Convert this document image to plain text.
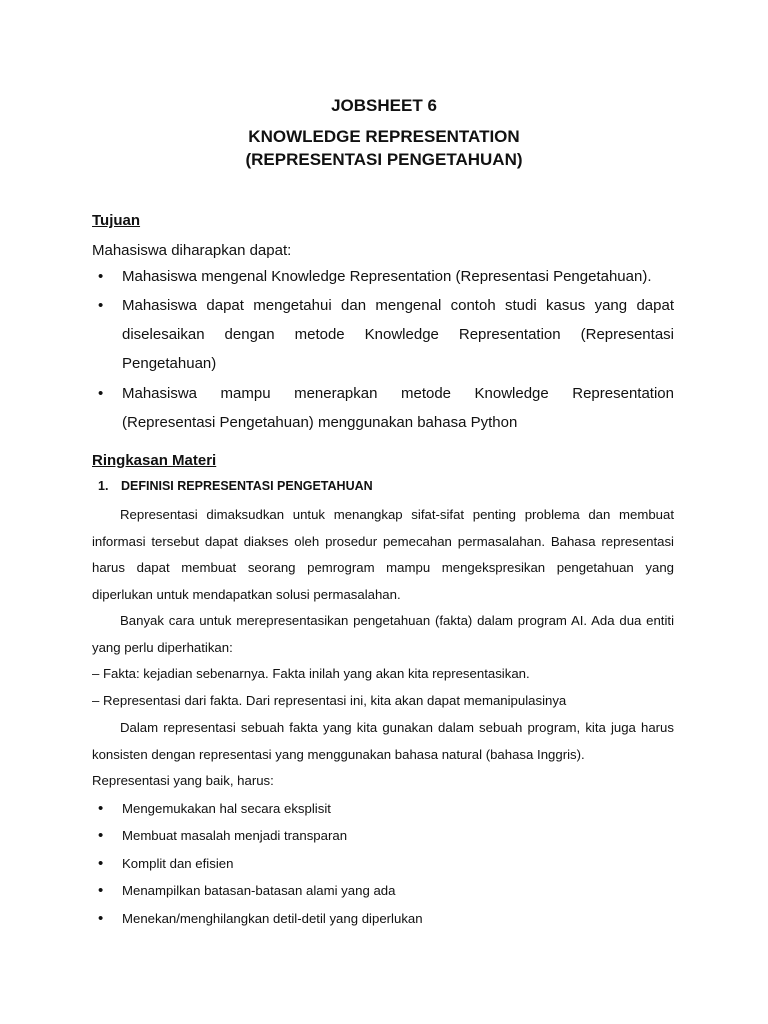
JOBSHEET 6
KNOWLEDGE REPRESENTATION
(REPRESENTASI PENGETAHUAN)
Tujuan
Mahasiswa diharapkan dapat:
• Mahasiswa mengenal Knowledge Representation (Representasi Pengetahuan).
• Mahasiswa dapat mengetahui dan mengenal contoh studi kasus yang dapat diselesaikan dengan metode Knowledge Representation (Representasi Pengetahuan)
• Mahasiswa mampu menerapkan metode Knowledge Representation (Representasi Pengetahuan) menggunakan bahasa Python
Ringkasan Materi
1. DEFINISI REPRESENTASI PENGETAHUAN
Representasi dimaksudkan untuk menangkap sifat-sifat penting problema dan membuat informasi tersebut dapat diakses oleh prosedur pemecahan permasalahan. Bahasa representasi harus dapat membuat seorang pemrogram mampu mengekspresikan pengetahuan yang diperlukan untuk mendapatkan solusi permasalahan.
Banyak cara untuk merepresentasikan pengetahuan (fakta) dalam program AI. Ada dua entiti yang perlu diperhatikan:
– Fakta: kejadian sebenarnya. Fakta inilah yang akan kita representasikan.
– Representasi dari fakta. Dari representasi ini, kita akan dapat memanipulasinya
Dalam representasi sebuah fakta yang kita gunakan dalam sebuah program, kita juga harus konsisten dengan representasi yang menggunakan bahasa natural (bahasa Inggris).
Representasi yang baik, harus:
• Mengemukakan hal secara eksplisit
• Membuat masalah menjadi transparan
• Komplit dan efisien
• Menampilkan batasan-batasan alami yang ada
• Menekan/menghilangkan detil-detil yang diperlukan
